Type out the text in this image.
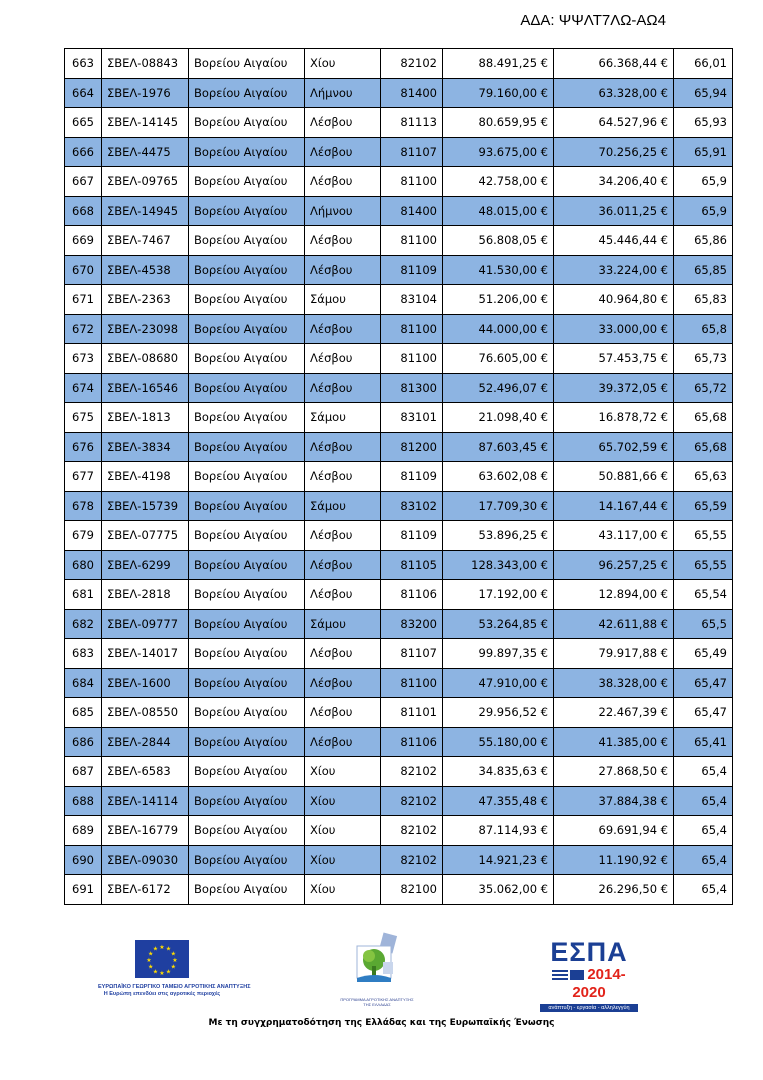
ΑΔΑ: ΨΨΛΤ7ΛΩ-ΑΩ4
663	ΣΒΕΛ-08843	Βορείου Αιγαίου	Χίου	82102	88.491,25 €	66.368,44 €	66,01
664	ΣΒΕΛ-1976	Βορείου Αιγαίου	Λήμνου	81400	79.160,00 €	63.328,00 €	65,94
665	ΣΒΕΛ-14145	Βορείου Αιγαίου	Λέσβου	81113	80.659,95 €	64.527,96 €	65,93
666	ΣΒΕΛ-4475	Βορείου Αιγαίου	Λέσβου	81107	93.675,00 €	70.256,25 €	65,91
667	ΣΒΕΛ-09765	Βορείου Αιγαίου	Λέσβου	81100	42.758,00 €	34.206,40 €	65,9
668	ΣΒΕΛ-14945	Βορείου Αιγαίου	Λήμνου	81400	48.015,00 €	36.011,25 €	65,9
669	ΣΒΕΛ-7467	Βορείου Αιγαίου	Λέσβου	81100	56.808,05 €	45.446,44 €	65,86
670	ΣΒΕΛ-4538	Βορείου Αιγαίου	Λέσβου	81109	41.530,00 €	33.224,00 €	65,85
671	ΣΒΕΛ-2363	Βορείου Αιγαίου	Σάμου	83104	51.206,00 €	40.964,80 €	65,83
672	ΣΒΕΛ-23098	Βορείου Αιγαίου	Λέσβου	81100	44.000,00 €	33.000,00 €	65,8
673	ΣΒΕΛ-08680	Βορείου Αιγαίου	Λέσβου	81100	76.605,00 €	57.453,75 €	65,73
674	ΣΒΕΛ-16546	Βορείου Αιγαίου	Λέσβου	81300	52.496,07 €	39.372,05 €	65,72
675	ΣΒΕΛ-1813	Βορείου Αιγαίου	Σάμου	83101	21.098,40 €	16.878,72 €	65,68
676	ΣΒΕΛ-3834	Βορείου Αιγαίου	Λέσβου	81200	87.603,45 €	65.702,59 €	65,68
677	ΣΒΕΛ-4198	Βορείου Αιγαίου	Λέσβου	81109	63.602,08 €	50.881,66 €	65,63
678	ΣΒΕΛ-15739	Βορείου Αιγαίου	Σάμου	83102	17.709,30 €	14.167,44 €	65,59
679	ΣΒΕΛ-07775	Βορείου Αιγαίου	Λέσβου	81109	53.896,25 €	43.117,00 €	65,55
680	ΣΒΕΛ-6299	Βορείου Αιγαίου	Λέσβου	81105	128.343,00 €	96.257,25 €	65,55
681	ΣΒΕΛ-2818	Βορείου Αιγαίου	Λέσβου	81106	17.192,00 €	12.894,00 €	65,54
682	ΣΒΕΛ-09777	Βορείου Αιγαίου	Σάμου	83200	53.264,85 €	42.611,88 €	65,5
683	ΣΒΕΛ-14017	Βορείου Αιγαίου	Λέσβου	81107	99.897,35 €	79.917,88 €	65,49
684	ΣΒΕΛ-1600	Βορείου Αιγαίου	Λέσβου	81100	47.910,00 €	38.328,00 €	65,47
685	ΣΒΕΛ-08550	Βορείου Αιγαίου	Λέσβου	81101	29.956,52 €	22.467,39 €	65,47
686	ΣΒΕΛ-2844	Βορείου Αιγαίου	Λέσβου	81106	55.180,00 €	41.385,00 €	65,41
687	ΣΒΕΛ-6583	Βορείου Αιγαίου	Χίου	82102	34.835,63 €	27.868,50 €	65,4
688	ΣΒΕΛ-14114	Βορείου Αιγαίου	Χίου	82102	47.355,48 €	37.884,38 €	65,4
689	ΣΒΕΛ-16779	Βορείου Αιγαίου	Χίου	82102	87.114,93 €	69.691,94 €	65,4
690	ΣΒΕΛ-09030	Βορείου Αιγαίου	Χίου	82102	14.921,23 €	11.190,92 €	65,4
691	ΣΒΕΛ-6172	Βορείου Αιγαίου	Χίου	82100	35.062,00 €	26.296,50 €	65,4
★ ★
★
★
★
★
★
★
★
★
★
★
ΕΥΡΩΠΑΪΚΟ ΓΕΩΡΓΙΚΟ ΤΑΜΕΙΟ ΑΓΡΟΤΙΚΗΣ ΑΝΑΠΤΥΞΗΣ
Η Ευρώπη επενδύει στις αγροτικές περιοχές
ΠΡΟΓΡΑΜΜΑ ΑΓΡΟΤΙΚΗΣ ΑΝΑΠΤΥΞΗΣ
ΤΗΣ ΕΛΛΑΔΑΣ
ΕΣΠΑ
2014-2020
ανάπτυξη - εργασία - αλληλεγγύη
Με τη συγχρηματοδότηση της Ελλάδας και της Ευρωπαϊκής Ένωσης
